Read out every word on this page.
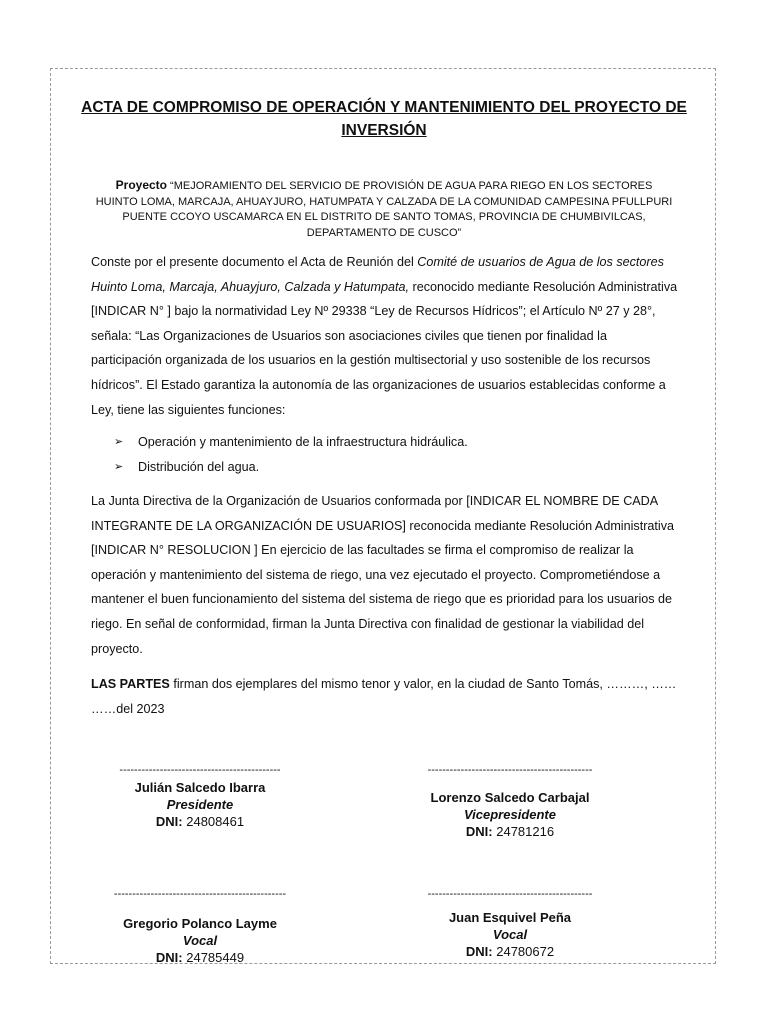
ACTA DE COMPROMISO DE OPERACIÓN Y MANTENIMIENTO DEL PROYECTO DE INVERSIÓN
Proyecto “MEJORAMIENTO DEL SERVICIO DE PROVISIÓN DE AGUA PARA RIEGO EN LOS SECTORES HUINTO LOMA, MARCAJA, AHUAYJURO, HATUMPATA Y CALZADA DE LA COMUNIDAD CAMPESINA PFULLPURI PUENTE CCOYO USCAMARCA EN EL DISTRITO DE SANTO TOMAS, PROVINCIA DE CHUMBIVILCAS, DEPARTAMENTO DE CUSCO”
Conste por el presente documento el Acta de Reunión del Comité de usuarios de Agua de los sectores Huinto Loma, Marcaja, Ahuayjuro, Calzada y Hatumpata, reconocido mediante Resolución Administrativa [INDICAR N° ] bajo la normatividad Ley Nº 29338 “Ley de Recursos Hídricos”; el Artículo Nº 27 y 28°, señala: “Las Organizaciones de Usuarios son asociaciones civiles que tienen por finalidad la participación organizada de los usuarios en la gestión multisectorial y uso sostenible de los recursos hídricos”. El Estado garantiza la autonomía de las organizaciones de usuarios establecidas conforme a Ley, tiene las siguientes funciones:
➢ Operación y mantenimiento de la infraestructura hidráulica.
➢ Distribución del agua.
La Junta Directiva de la Organización de Usuarios conformada por [INDICAR EL NOMBRE DE CADA INTEGRANTE DE LA ORGANIZACIÓN DE USUARIOS] reconocida mediante Resolución Administrativa [INDICAR N° RESOLUCION ] En ejercicio de las facultades se firma el compromiso de realizar la operación y mantenimiento del sistema de riego, una vez ejecutado el proyecto. Comprometiéndose a mantener el buen funcionamiento del sistema del sistema de riego que es prioridad para los usuarios de riego. En señal de conformidad, firman la Junta Directiva con finalidad de gestionar la viabilidad del proyecto.
LAS PARTES firman dos ejemplares del mismo tenor y valor, en la ciudad de Santo Tomás, ………, …… ……del 2023
--------------------------------------------
Julián Salcedo Ibarra
Presidente
DNI: 24808461
---------------------------------------------
Lorenzo Salcedo Carbajal
Vicepresidente
DNI: 24781216
-----------------------------------------------
Gregorio Polanco Layme
Vocal
DNI: 24785449
---------------------------------------------
Juan Esquivel Peña
Vocal
DNI: 24780672
